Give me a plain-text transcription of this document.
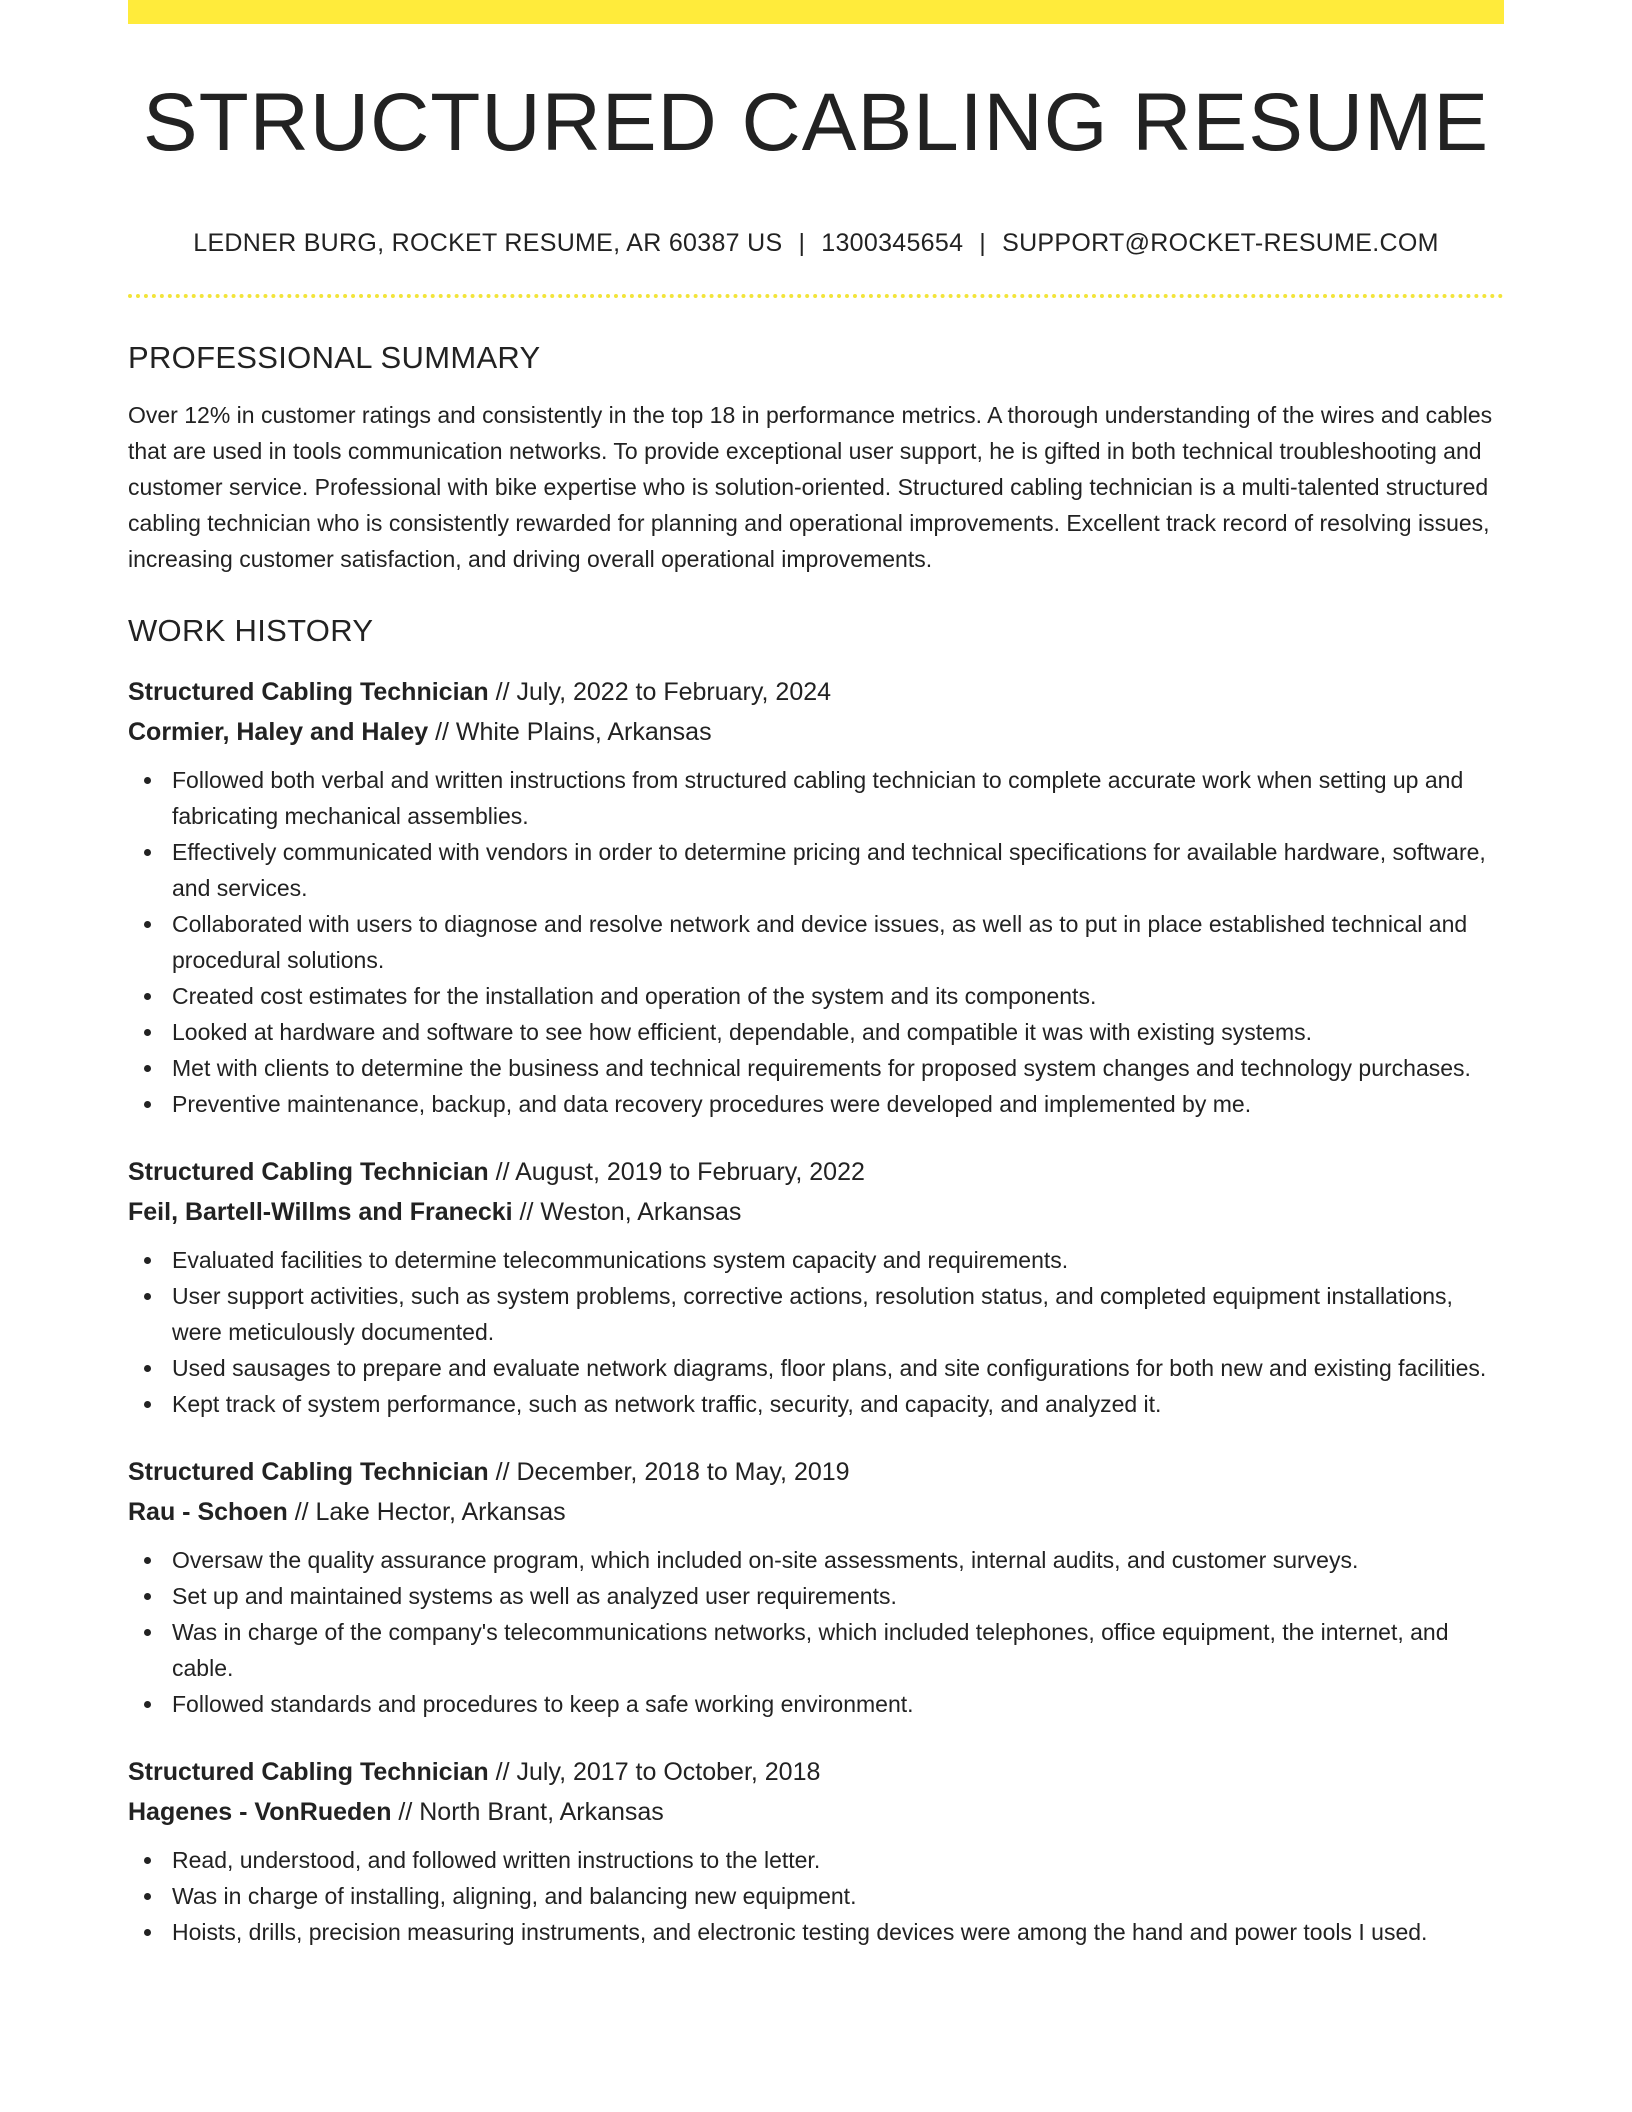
STRUCTURED CABLING RESUME
LEDNER BURG, ROCKET RESUME, AR 60387 US | 1300345654 | SUPPORT@ROCKET-RESUME.COM
PROFESSIONAL SUMMARY

Over 12% in customer ratings and consistently in the top 18 in performance metrics. A thorough understanding of the wires and cables that are used in tools communication networks. To provide exceptional user support, he is gifted in both technical troubleshooting and customer service. Professional with bike expertise who is solution-oriented. Structured cabling technician is a multi-talented structured cabling technician who is consistently rewarded for planning and operational improvements. Excellent track record of resolving issues, increasing customer satisfaction, and driving overall operational improvements.

WORK HISTORY
Structured Cabling Technician // July, 2022 to February, 2024
Cormier, Haley and Haley // White Plains, Arkansas
Followed both verbal and written instructions from structured cabling technician to complete accurate work when setting up and fabricating mechanical assemblies.
Effectively communicated with vendors in order to determine pricing and technical specifications for available hardware, software, and services.
Collaborated with users to diagnose and resolve network and device issues, as well as to put in place established technical and procedural solutions.
Created cost estimates for the installation and operation of the system and its components.
Looked at hardware and software to see how efficient, dependable, and compatible it was with existing systems.
Met with clients to determine the business and technical requirements for proposed system changes and technology purchases.
Preventive maintenance, backup, and data recovery procedures were developed and implemented by me.
Structured Cabling Technician // August, 2019 to February, 2022
Feil, Bartell-Willms and Franecki // Weston, Arkansas
Evaluated facilities to determine telecommunications system capacity and requirements.
User support activities, such as system problems, corrective actions, resolution status, and completed equipment installations, were meticulously documented.
Used sausages to prepare and evaluate network diagrams, floor plans, and site configurations for both new and existing facilities.
Kept track of system performance, such as network traffic, security, and capacity, and analyzed it.
Structured Cabling Technician // December, 2018 to May, 2019
Rau - Schoen // Lake Hector, Arkansas
Oversaw the quality assurance program, which included on-site assessments, internal audits, and customer surveys.
Set up and maintained systems as well as analyzed user requirements.
Was in charge of the company's telecommunications networks, which included telephones, office equipment, the internet, and cable.
Followed standards and procedures to keep a safe working environment.
Structured Cabling Technician // July, 2017 to October, 2018
Hagenes - VonRueden // North Brant, Arkansas
Read, understood, and followed written instructions to the letter.
Was in charge of installing, aligning, and balancing new equipment.
Hoists, drills, precision measuring instruments, and electronic testing devices were among the hand and power tools I used.
